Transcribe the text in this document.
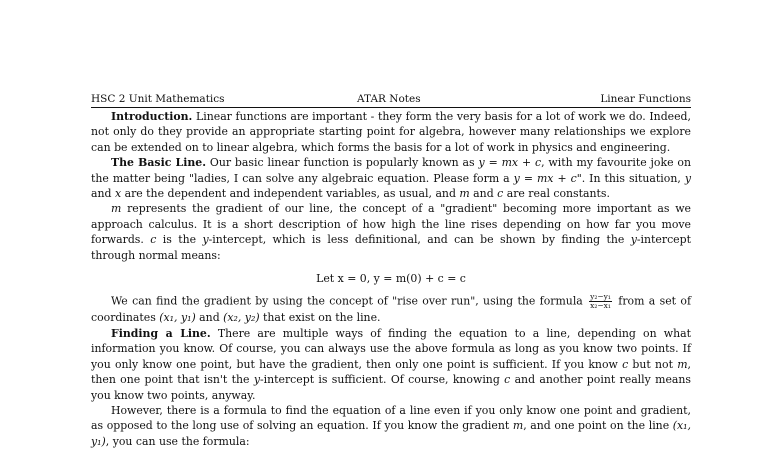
HSC 2 Unit Mathematics	ATAR Notes	Linear Functions

Introduction. Linear functions are important - they form the very basis for a lot of work we do. Indeed, not only do they provide an appropriate starting point for algebra, however many relationships we explore can be extended on to linear algebra, which forms the basis for a lot of work in physics and engineering.

The Basic Line. Our basic linear function is popularly known as y = mx + c, with my favourite joke on the matter being "ladies, I can solve any algebraic equation. Please form a y = mx + c". In this situation, y and x are the dependent and independent variables, as usual, and m and c are real constants.

m represents the gradient of our line, the concept of a "gradient" becoming more important as we approach calculus. It is a short description of how high the line rises depending on how far you move forwards. c is the y-intercept, which is less definitional, and can be shown by finding the y-intercept through normal means:

Let x = 0, y = m(0) + c = c

We can find the gradient by using the concept of "rise over run", using the formula $\frac{\text{y₂−y₁}}{\text{x₂−x₁}}$ from a set of coordinates (x₁, y₁) and (x₂, y₂) that exist on the line.

Finding a Line. There are multiple ways of finding the equation to a line, depending on what information you know. Of course, you can always use the above formula as long as you know two points. If you only know one point, but have the gradient, then only one point is sufficient. If you know c but not m, then one point that isn't the y-intercept is sufficient. Of course, knowing c and another point really means you know two points, anyway.

However, there is a formula to find the equation of a line even if you only know one point and gradient, as opposed to the long use of solving an equation. If you know the gradient m, and one point on the line (x₁, y₁), you can use the formula:
